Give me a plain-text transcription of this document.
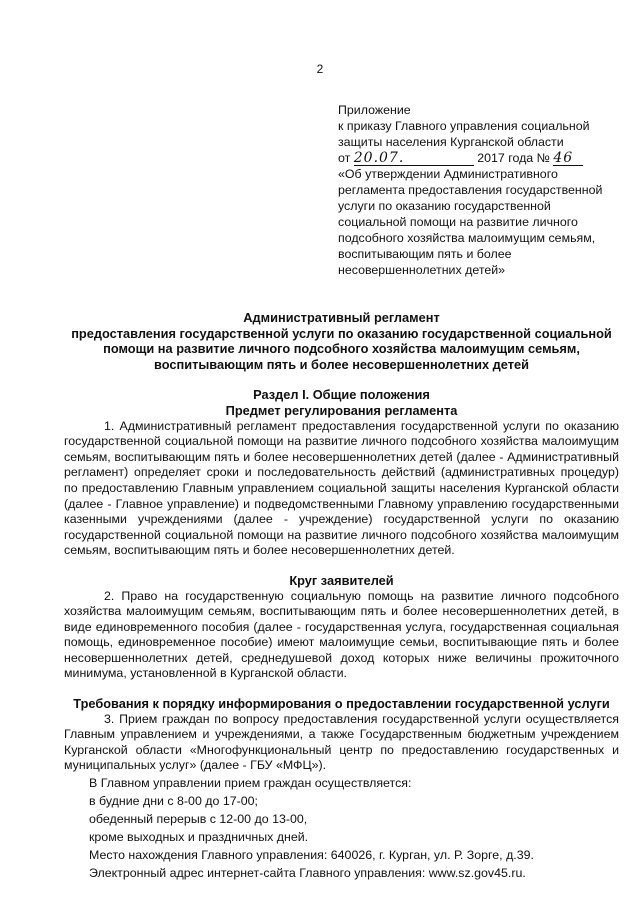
2
Приложение
к приказу Главного управления социальной
защиты населения Курганской области
от 20.07.	2017 года № 46
«Об утверждении Административного
регламента предоставления государственной
услуги по оказанию государственной
социальной помощи на развитие личного
подсобного хозяйства малоимущим семьям,
воспитывающим пять и более
несовершеннолетних детей»
Административный регламент
предоставления государственной услуги по оказанию государственной социальной помощи на развитие личного подсобного хозяйства малоимущим семьям, воспитывающим пять и более несовершеннолетних детей
Раздел I. Общие положения
Предмет регулирования регламента
1. Административный регламент предоставления государственной услуги по оказанию государственной социальной помощи на развитие личного подсобного хозяйства малоимущим семьям, воспитывающим пять и более несовершеннолетних детей (далее - Административный регламент) определяет сроки и последовательность действий (административных процедур) по предоставлению Главным управлением социальной защиты населения Курганской области (далее - Главное управление) и подведомственными Главному управлению государственными казенными учреждениями (далее - учреждение) государственной услуги по оказанию государственной социальной помощи на развитие личного подсобного хозяйства малоимущим семьям, воспитывающим пять и более несовершеннолетних детей.
Круг заявителей
2. Право на государственную социальную помощь на развитие личного подсобного хозяйства малоимущим семьям, воспитывающим пять и более несовершеннолетних детей, в виде единовременного пособия (далее - государственная услуга, государственная социальная помощь, единовременное пособие) имеют малоимущие семьи, воспитывающие пять и более несовершеннолетних детей, среднедушевой доход которых ниже величины прожиточного минимума, установленной в Курганской области.
Требования к порядку информирования о предоставлении государственной услуги
3. Прием граждан по вопросу предоставления государственной услуги осуществляется Главным управлением и учреждениями, а также Государственным бюджетным учреждением Курганской области «Многофункциональный центр по предоставлению государственных и муниципальных услуг» (далее - ГБУ «МФЦ»).
В Главном управлении прием граждан осуществляется:
в будние дни с 8-00 до 17-00;
обеденный перерыв с 12-00 до 13-00,
кроме выходных и праздничных дней.
Место нахождения Главного управления: 640026, г. Курган, ул. Р. Зорге, д.39.
Электронный адрес интернет-сайта Главного управления: www.sz.gov45.ru.
